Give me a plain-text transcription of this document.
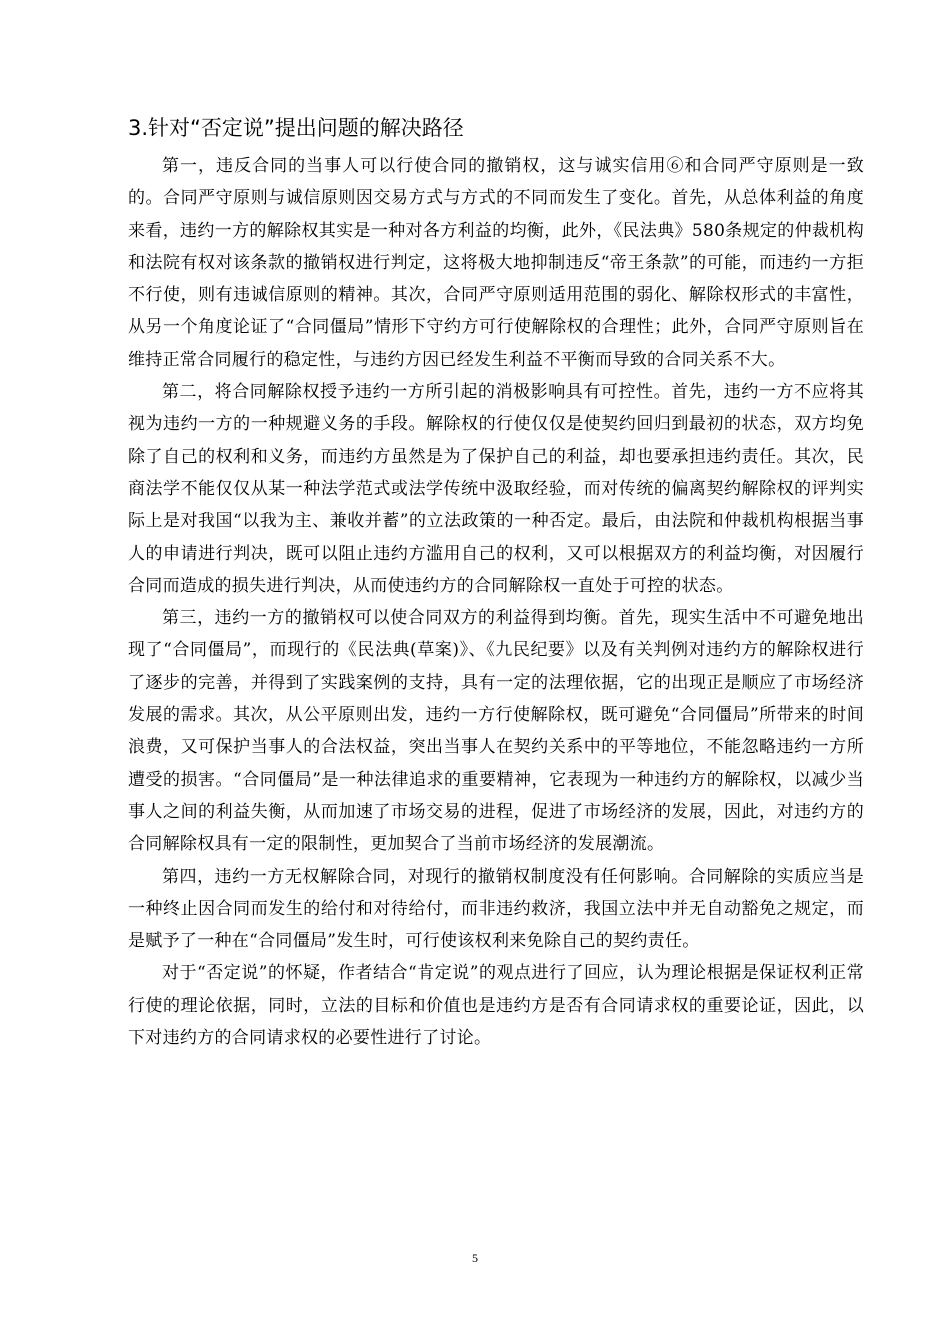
3.针对“否定说”提出问题的解决路径

第一，违反合同的当事人可以行使合同的撤销权，这与诚实信用⑥和合同严守原则是一致的。合同严守原则与诚信原则因交易方式与方式的不同而发生了变化。首先，从总体利益的角度来看，违约一方的解除权其实是一种对各方利益的均衡，此外，《民法典》580条规定的仲裁机构和法院有权对该条款的撤销权进行判定，这将极大地抑制违反“帝王条款”的可能，而违约一方拒不行使，则有违诚信原则的精神。其次，合同严守原则适用范围的弱化、解除权形式的丰富性，从另一个角度论证了“合同僵局”情形下守约方可行使解除权的合理性；此外，合同严守原则旨在维持正常合同履行的稳定性，与违约方因已经发生利益不平衡而导致的合同关系不大。

第二，将合同解除权授予违约一方所引起的消极影响具有可控性。首先，违约一方不应将其视为违约一方的一种规避义务的手段。解除权的行使仅仅是使契约回归到最初的状态，双方均免除了自己的权利和义务，而违约方虽然是为了保护自己的利益，却也要承担违约责任。其次，民商法学不能仅仅从某一种法学范式或法学传统中汲取经验，而对传统的偏离契约解除权的评判实际上是对我国“以我为主、兼收并蓄”的立法政策的一种否定。最后，由法院和仲裁机构根据当事人的申请进行判决，既可以阻止违约方滥用自己的权利，又可以根据双方的利益均衡，对因履行合同而造成的损失进行判决，从而使违约方的合同解除权一直处于可控的状态。

第三，违约一方的撤销权可以使合同双方的利益得到均衡。首先，现实生活中不可避免地出现了“合同僵局”，而现行的《民法典(草案)》、《九民纪要》以及有关判例对违约方的解除权进行了逐步的完善，并得到了实践案例的支持，具有一定的法理依据，它的出现正是顺应了市场经济发展的需求。其次，从公平原则出发，违约一方行使解除权，既可避免“合同僵局”所带来的时间浪费，又可保护当事人的合法权益，突出当事人在契约关系中的平等地位，不能忽略违约一方所遭受的损害。“合同僵局”是一种法律追求的重要精神，它表现为一种违约方的解除权，以减少当事人之间的利益失衡，从而加速了市场交易的进程，促进了市场经济的发展，因此，对违约方的合同解除权具有一定的限制性，更加契合了当前市场经济的发展潮流。

第四，违约一方无权解除合同，对现行的撤销权制度没有任何影响。合同解除的实质应当是一种终止因合同而发生的给付和对待给付，而非违约救济，我国立法中并无自动豁免之规定，而是赋予了一种在“合同僵局”发生时，可行使该权利来免除自己的契约责任。

对于“否定说”的怀疑，作者结合“肯定说”的观点进行了回应，认为理论根据是保证权利正常行使的理论依据，同时，立法的目标和价值也是违约方是否有合同请求权的重要论证，因此，以下对违约方的合同请求权的必要性进行了讨论。

5
